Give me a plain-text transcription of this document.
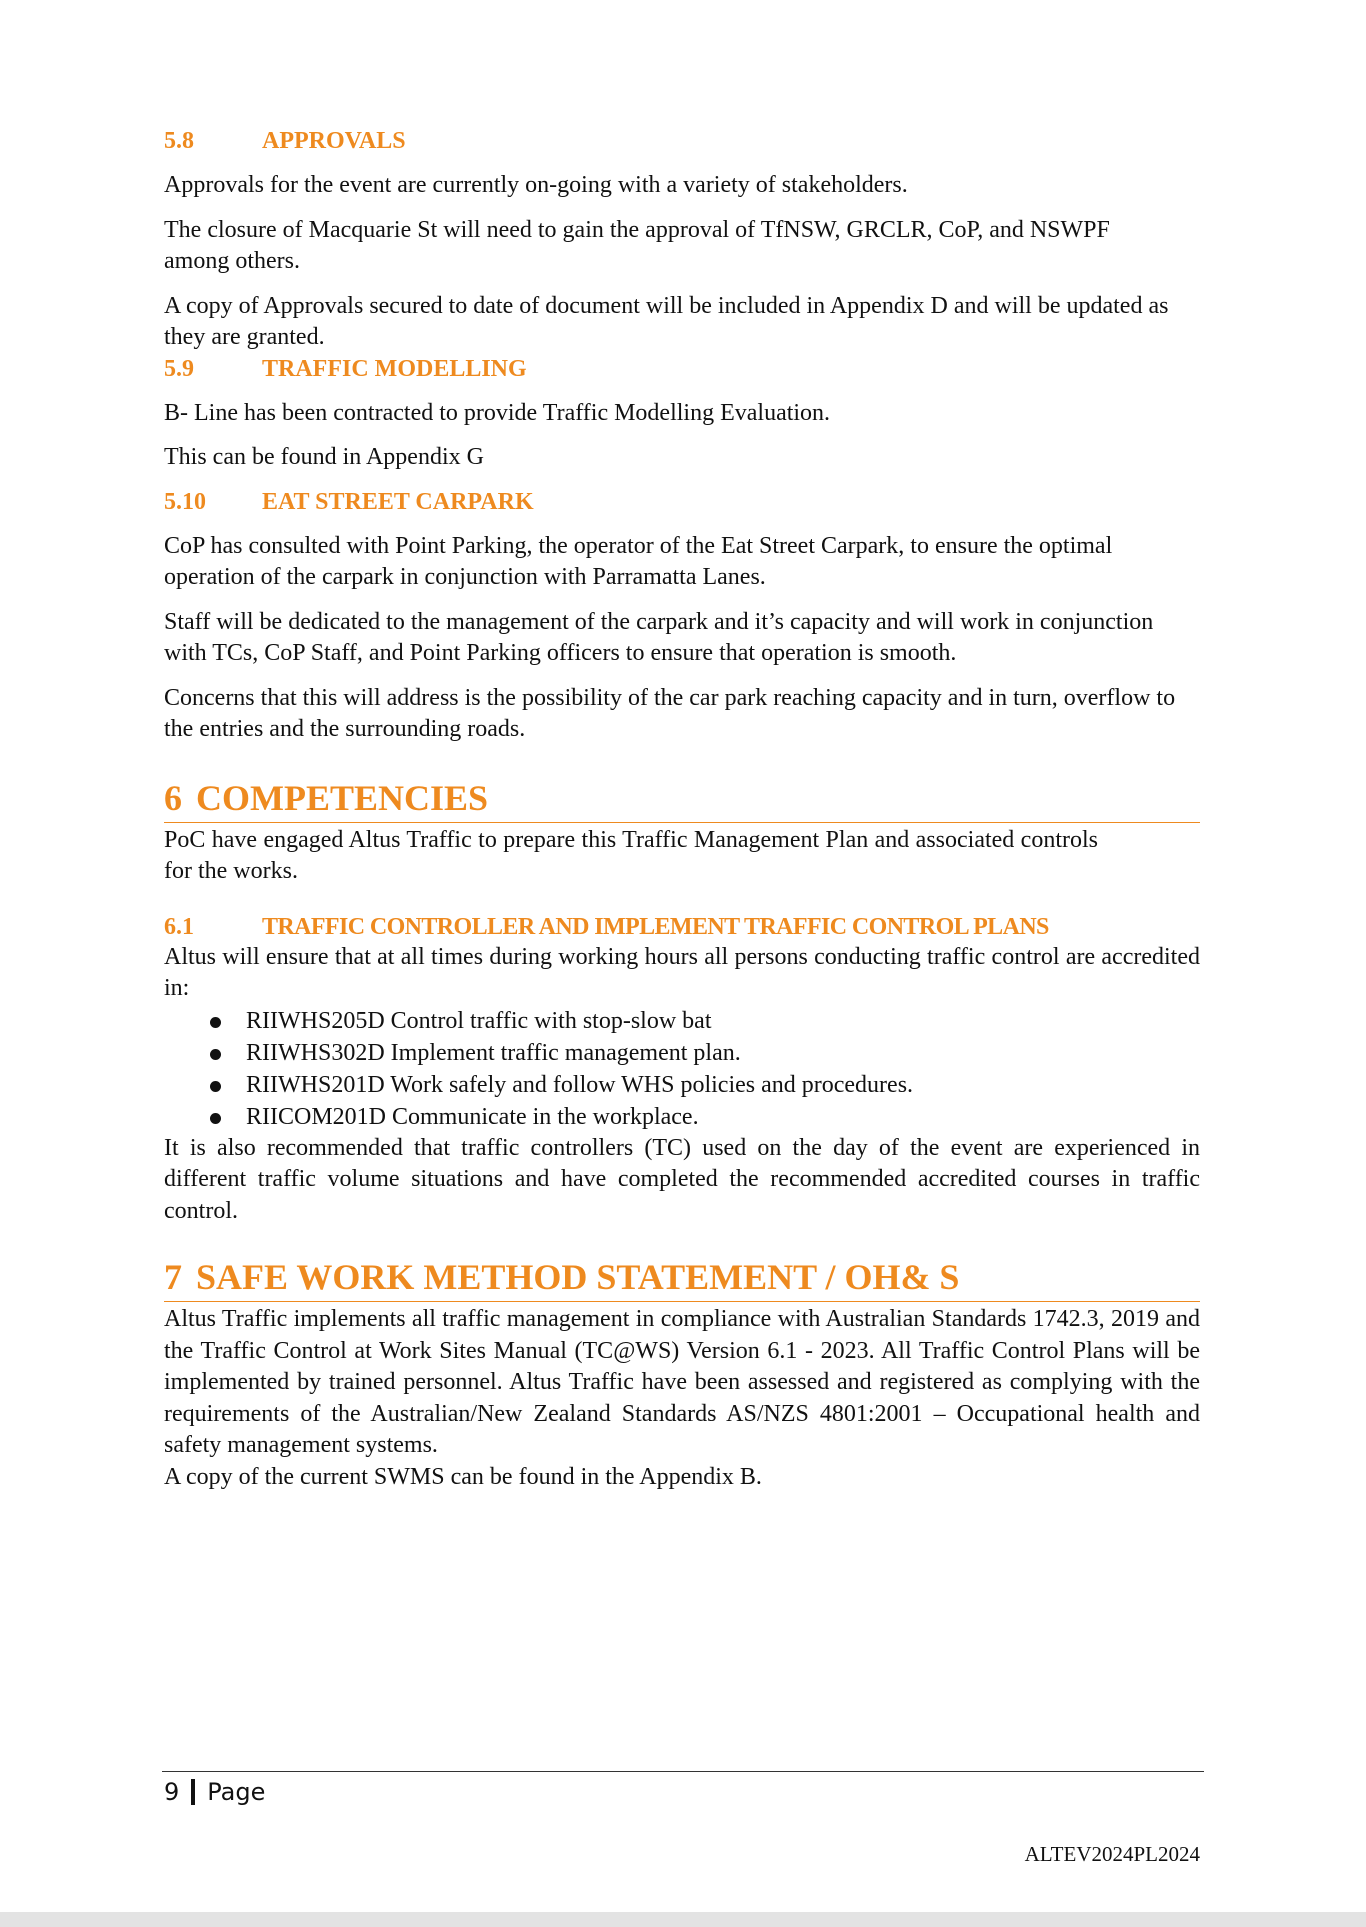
5.8	APPROVALS

Approvals for the event are currently on-going with a variety of stakeholders.

The closure of Macquarie St will need to gain the approval of TfNSW, GRCLR, CoP, and NSWPF among others.

A copy of Approvals secured to date of document will be included in Appendix D and will be updated as they are granted.

5.9	TRAFFIC MODELLING

B- Line has been contracted to provide Traffic Modelling Evaluation.

This can be found in Appendix G

5.10	EAT STREET CARPARK

CoP has consulted with Point Parking, the operator of the Eat Street Carpark, to ensure the optimal operation of the carpark in conjunction with Parramatta Lanes.

Staff will be dedicated to the management of the carpark and it’s capacity and will work in conjunction with TCs, CoP Staff, and Point Parking officers to ensure that operation is smooth.

Concerns that this will address is the possibility of the car park reaching capacity and in turn, overflow to the entries and the surrounding roads.

6 COMPETENCIES

PoC have engaged Altus Traffic to prepare this Traffic Management Plan and associated controls for the works.

6.1	TRAFFIC CONTROLLER AND IMPLEMENT TRAFFIC CONTROL PLANS

Altus will ensure that at all times during working hours all persons conducting traffic control are accredited in:

RIIWHS205D Control traffic with stop-slow bat
RIIWHS302D Implement traffic management plan.
RIIWHS201D Work safely and follow WHS policies and procedures.
RIICOM201D Communicate in the workplace.

It is also recommended that traffic controllers (TC) used on the day of the event are experienced in different traffic volume situations and have completed the recommended accredited courses in traffic control.

7 SAFE WORK METHOD STATEMENT / OH& S

Altus Traffic implements all traffic management in compliance with Australian Standards 1742.3, 2019 and the Traffic Control at Work Sites Manual (TC@WS) Version 6.1 - 2023. All Traffic Control Plans will be implemented by trained personnel. Altus Traffic have been assessed and registered as complying with the requirements of the Australian/New Zealand Standards AS/NZS 4801:2001 – Occupational health and safety management systems.

A copy of the current SWMS can be found in the Appendix B.

9 Page
ALTEV2024PL2024
